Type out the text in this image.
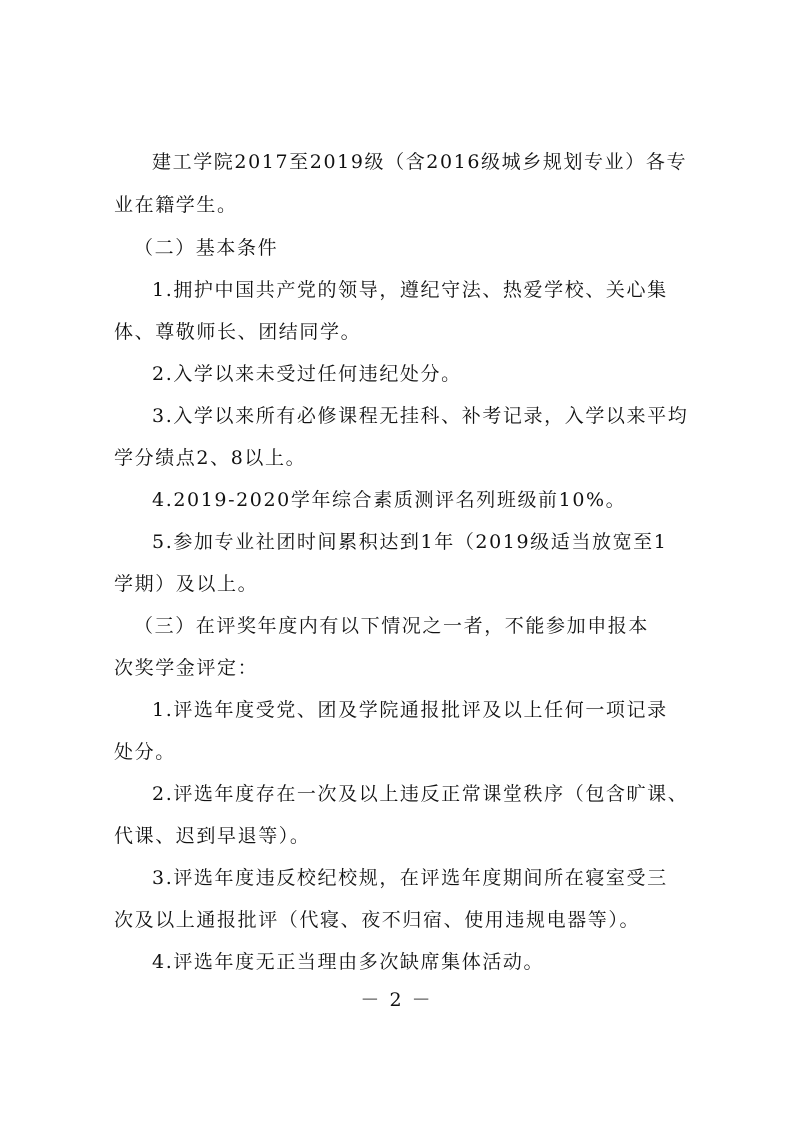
建工学院2017至2019级（含2016级城乡规划专业）各专
业在籍学生。
（二）基本条件
1.拥护中国共产党的领导，遵纪守法、热爱学校、关心集
体、尊敬师长、团结同学。
2.入学以来未受过任何违纪处分。
3.入学以来所有必修课程无挂科、补考记录，入学以来平均
学分绩点2、8以上。
4.2019-2020学年综合素质测评名列班级前10%。
5.参加专业社团时间累积达到1年（2019级适当放宽至1
学期）及以上。
（三）在评奖年度内有以下情况之一者，不能参加申报本
次奖学金评定：
1.评选年度受党、团及学院通报批评及以上任何一项记录
处分。
2.评选年度存在一次及以上违反正常课堂秩序（包含旷课、
代课、迟到早退等）。
3.评选年度违反校纪校规，在评选年度期间所在寝室受三
次及以上通报批评（代寝、夜不归宿、使用违规电器等）。
4.评选年度无正当理由多次缺席集体活动。
－ 2 －
